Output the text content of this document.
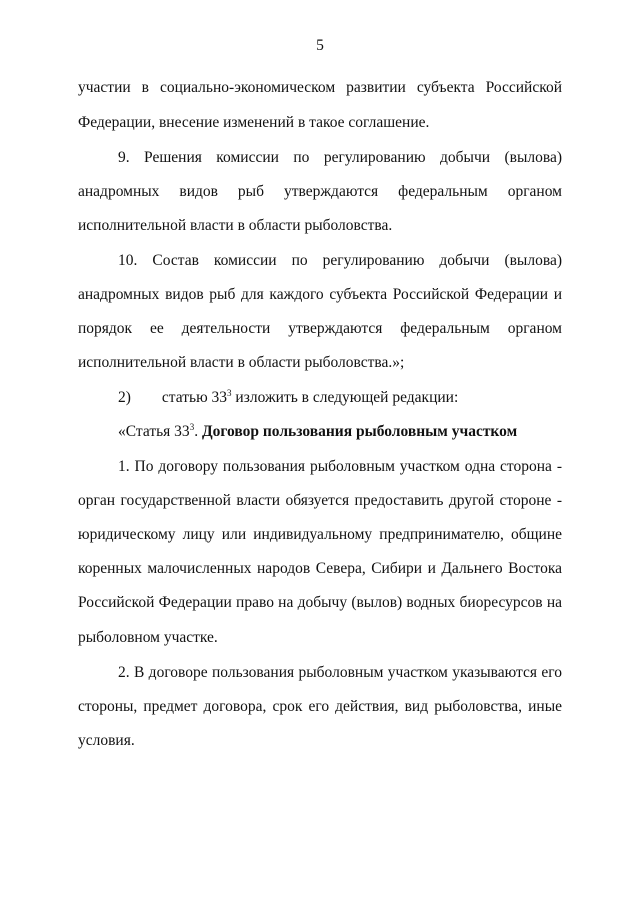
5
участии в социально-экономическом развитии субъекта Российской
Федерации, внесение изменений в такое соглашение.
9. Решения комиссии по регулированию добычи (вылова)
анадромных видов рыб утверждаются федеральным органом
исполнительной власти в области рыболовства.
10. Состав комиссии по регулированию добычи (вылова)
анадромных видов рыб для каждого субъекта Российской Федерации и
порядок ее деятельности утверждаются федеральным органом
исполнительной власти в области рыболовства.»;
2) статью $33^3$ изложить в следующей редакции:
«Статья $33^3$. Договор пользования рыболовным участком
1. По договору пользования рыболовным участком одна сторона -
орган государственной власти обязуется предоставить другой стороне -
юридическому лицу или индивидуальному предпринимателю, общине
коренных малочисленных народов Севера, Сибири и Дальнего Востока
Российской Федерации право на добычу (вылов) водных биоресурсов на
рыболовном участке.
2. В договоре пользования рыболовным участком указываются его
стороны, предмет договора, срок его действия, вид рыболовства, иные
условия.
